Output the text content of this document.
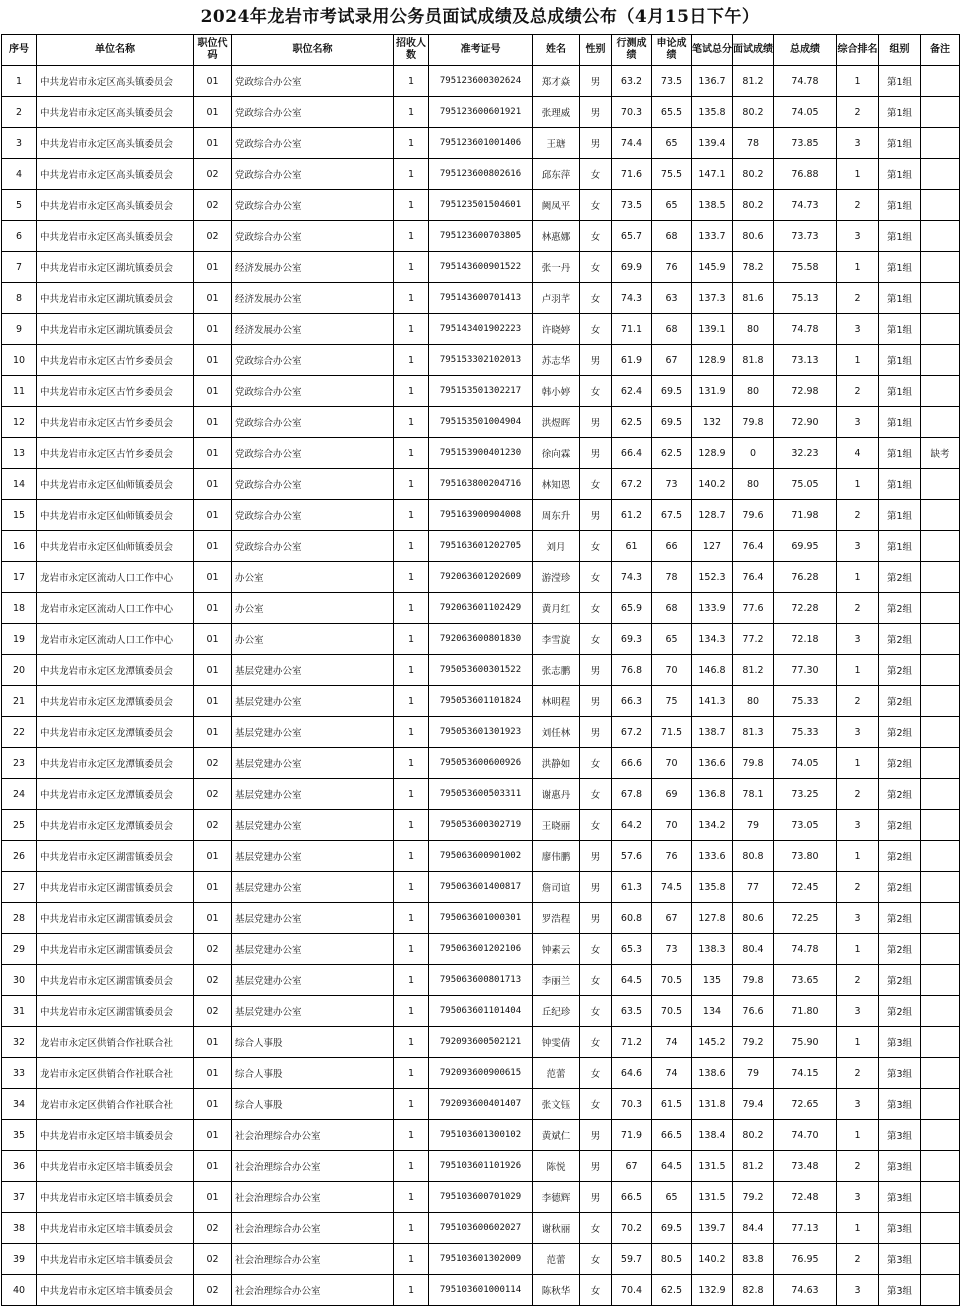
2024年龙岩市考试录用公务员面试成绩及总成绩公布（4月15日下午）
序号	单位名称	职位代码	职位名称	招收人数	准考证号	姓名	性别	行测成绩	申论成绩	笔试总分	面试成绩	总成绩	综合排名	组别	备注
1	中共龙岩市永定区高头镇委员会	01	党政综合办公室	1	795123600302624	郑才焱	男	63.2	73.5	136.7	81.2	74.78	1	第1组	
2	中共龙岩市永定区高头镇委员会	01	党政综合办公室	1	795123600601921	张理威	男	70.3	65.5	135.8	80.2	74.05	2	第1组	
3	中共龙岩市永定区高头镇委员会	01	党政综合办公室	1	795123601001406	王瑭	男	74.4	65	139.4	78	73.85	3	第1组	
4	中共龙岩市永定区高头镇委员会	02	党政综合办公室	1	795123600802616	邱东萍	女	71.6	75.5	147.1	80.2	76.88	1	第1组	
5	中共龙岩市永定区高头镇委员会	02	党政综合办公室	1	795123501504601	阙凤平	女	73.5	65	138.5	80.2	74.73	2	第1组	
6	中共龙岩市永定区高头镇委员会	02	党政综合办公室	1	795123600703805	林惠娜	女	65.7	68	133.7	80.6	73.73	3	第1组	
7	中共龙岩市永定区湖坑镇委员会	01	经济发展办公室	1	795143600901522	张一丹	女	69.9	76	145.9	78.2	75.58	1	第1组	
8	中共龙岩市永定区湖坑镇委员会	01	经济发展办公室	1	795143600701413	卢羽芊	女	74.3	63	137.3	81.6	75.13	2	第1组	
9	中共龙岩市永定区湖坑镇委员会	01	经济发展办公室	1	795143401902223	许晓婷	女	71.1	68	139.1	80	74.78	3	第1组	
10	中共龙岩市永定区古竹乡委员会	01	党政综合办公室	1	795153302102013	苏志华	男	61.9	67	128.9	81.8	73.13	1	第1组	
11	中共龙岩市永定区古竹乡委员会	01	党政综合办公室	1	795153501302217	韩小婷	女	62.4	69.5	131.9	80	72.98	2	第1组	
12	中共龙岩市永定区古竹乡委员会	01	党政综合办公室	1	795153501004904	洪煜晖	男	62.5	69.5	132	79.8	72.90	3	第1组	
13	中共龙岩市永定区古竹乡委员会	01	党政综合办公室	1	795153900401230	徐向霖	男	66.4	62.5	128.9	0	32.23	4	第1组	缺考
14	中共龙岩市永定区仙师镇委员会	01	党政综合办公室	1	795163800204716	林知恩	女	67.2	73	140.2	80	75.05	1	第1组	
15	中共龙岩市永定区仙师镇委员会	01	党政综合办公室	1	795163900904008	周东升	男	61.2	67.5	128.7	79.6	71.98	2	第1组	
16	中共龙岩市永定区仙师镇委员会	01	党政综合办公室	1	795163601202705	刘月	女	61	66	127	76.4	69.95	3	第1组	
17	龙岩市永定区流动人口工作中心	01	办公室	1	792063601202609	游滢珍	女	74.3	78	152.3	76.4	76.28	1	第2组	
18	龙岩市永定区流动人口工作中心	01	办公室	1	792063601102429	黄月红	女	65.9	68	133.9	77.6	72.28	2	第2组	
19	龙岩市永定区流动人口工作中心	01	办公室	1	792063600801830	李雪旋	女	69.3	65	134.3	77.2	72.18	3	第2组	
20	中共龙岩市永定区龙潭镇委员会	01	基层党建办公室	1	795053600301522	张志鹏	男	76.8	70	146.8	81.2	77.30	1	第2组	
21	中共龙岩市永定区龙潭镇委员会	01	基层党建办公室	1	795053601101824	林明程	男	66.3	75	141.3	80	75.33	2	第2组	
22	中共龙岩市永定区龙潭镇委员会	01	基层党建办公室	1	795053601301923	刘任林	男	67.2	71.5	138.7	81.3	75.33	3	第2组	
23	中共龙岩市永定区龙潭镇委员会	02	基层党建办公室	1	795053600600926	洪静如	女	66.6	70	136.6	79.8	74.05	1	第2组	
24	中共龙岩市永定区龙潭镇委员会	02	基层党建办公室	1	795053600503311	谢惠丹	女	67.8	69	136.8	78.1	73.25	2	第2组	
25	中共龙岩市永定区龙潭镇委员会	02	基层党建办公室	1	795053600302719	王晓丽	女	64.2	70	134.2	79	73.05	3	第2组	
26	中共龙岩市永定区湖雷镇委员会	01	基层党建办公室	1	795063600901002	廖伟鹏	男	57.6	76	133.6	80.8	73.80	1	第2组	
27	中共龙岩市永定区湖雷镇委员会	01	基层党建办公室	1	795063601400817	詹司谊	男	61.3	74.5	135.8	77	72.45	2	第2组	
28	中共龙岩市永定区湖雷镇委员会	01	基层党建办公室	1	795063601000301	罗浩程	男	60.8	67	127.8	80.6	72.25	3	第2组	
29	中共龙岩市永定区湖雷镇委员会	02	基层党建办公室	1	795063601202106	钟素云	女	65.3	73	138.3	80.4	74.78	1	第2组	
30	中共龙岩市永定区湖雷镇委员会	02	基层党建办公室	1	795063600801713	李丽兰	女	64.5	70.5	135	79.8	73.65	2	第2组	
31	中共龙岩市永定区湖雷镇委员会	02	基层党建办公室	1	795063601101404	丘纪珍	女	63.5	70.5	134	76.6	71.80	3	第2组	
32	龙岩市永定区供销合作社联合社	01	综合人事股	1	792093600502121	钟雯倩	女	71.2	74	145.2	79.2	75.90	1	第3组	
33	龙岩市永定区供销合作社联合社	01	综合人事股	1	792093600900615	范蕾	女	64.6	74	138.6	79	74.15	2	第3组	
34	龙岩市永定区供销合作社联合社	01	综合人事股	1	792093600401407	张文钰	女	70.3	61.5	131.8	79.4	72.65	3	第3组	
35	中共龙岩市永定区培丰镇委员会	01	社会治理综合办公室	1	795103601300102	黄斌仁	男	71.9	66.5	138.4	80.2	74.70	1	第3组	
36	中共龙岩市永定区培丰镇委员会	01	社会治理综合办公室	1	795103601101926	陈悦	男	67	64.5	131.5	81.2	73.48	2	第3组	
37	中共龙岩市永定区培丰镇委员会	01	社会治理综合办公室	1	795103600701029	李德辉	男	66.5	65	131.5	79.2	72.48	3	第3组	
38	中共龙岩市永定区培丰镇委员会	02	社会治理综合办公室	1	795103600602027	谢秋丽	女	70.2	69.5	139.7	84.4	77.13	1	第3组	
39	中共龙岩市永定区培丰镇委员会	02	社会治理综合办公室	1	795103601302009	范蕾	女	59.7	80.5	140.2	83.8	76.95	2	第3组	
40	中共龙岩市永定区培丰镇委员会	02	社会治理综合办公室	1	795103601000114	陈秋华	女	70.4	62.5	132.9	82.8	74.63	3	第3组	
